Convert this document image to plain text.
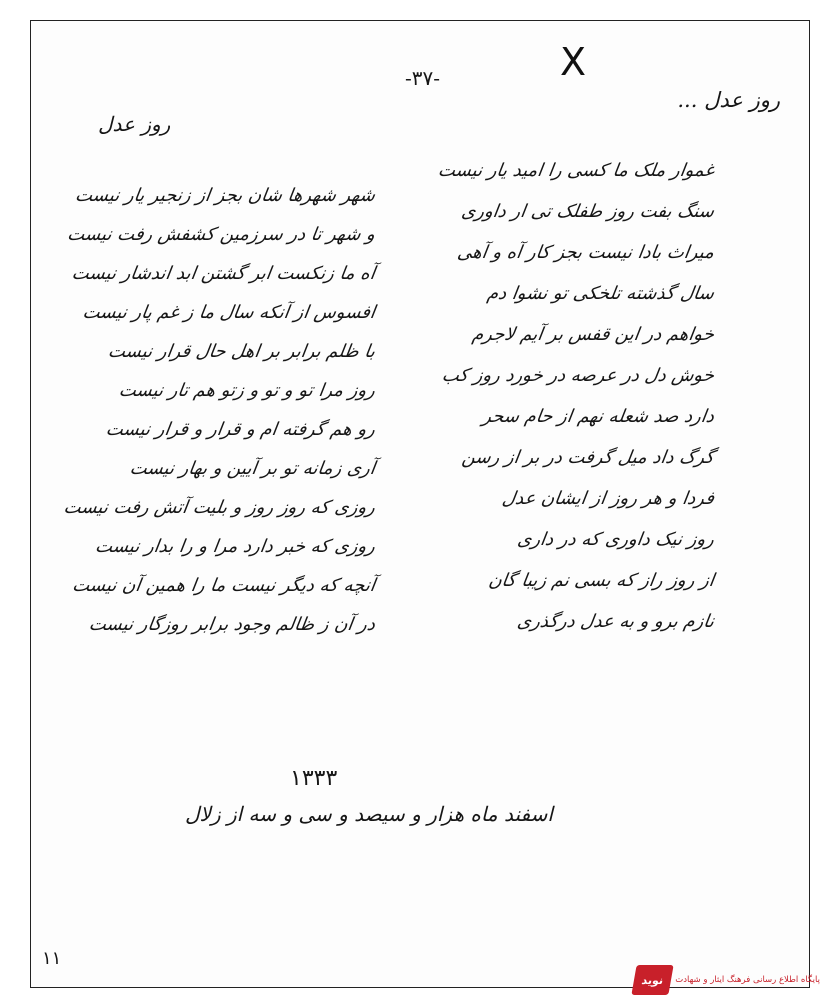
-۳۷-	X
روز عدل ...
روز عدل
غموار ملک ما کسی را امید یار نیست
سنگ بفت روز طفلک تی ار داوری
میراث بادا نیست بجز کار آه و آهی
سال گذشته تلخکی تو نشوا دم
خواهم در این قفس بر آیم لاجرم
خوش دل در عرصه در خورد روز کب
دارد صد شعله نهم از حام سحر
گرگ داد میل گرفت در بر از رسن
فردا و هر روز از ایشان عدل
روز نیک داوری که در داری
از روز راز که بسی نم زیبا گان
نازم برو و به عدل درگذری
شهر شهرها شان بجز از زنجیر یار نیست
و شهر تا در سرزمین کشفش رفت نیست
آه ما زنکست ابر گشتن ابد اندشار نیست
افسوس از آنکه سال ما ز غم پار نیست
با ظلم برابر بر اهل حال قرار نیست
روز مرا تو و تو و زتو هم تار نیست
رو هم گرفته ام و قرار و قرار نیست
آری زمانه تو بر آیین و بهار نیست
روزی که روز روز و بلیت آتش رفت نیست
روزی که خبر دارد مرا و را بدار نیست
آنچه که دیگر نیست ما را همین آن نیست
در آن ز ظالم وجود برابر روزگار نیست
۱۳۳۳
اسفند ماه هزار و سیصد و سی و سه از زلال
۱۱
نوید	پایگاه اطلاع رسانی فرهنگ ایثار و شهادت
